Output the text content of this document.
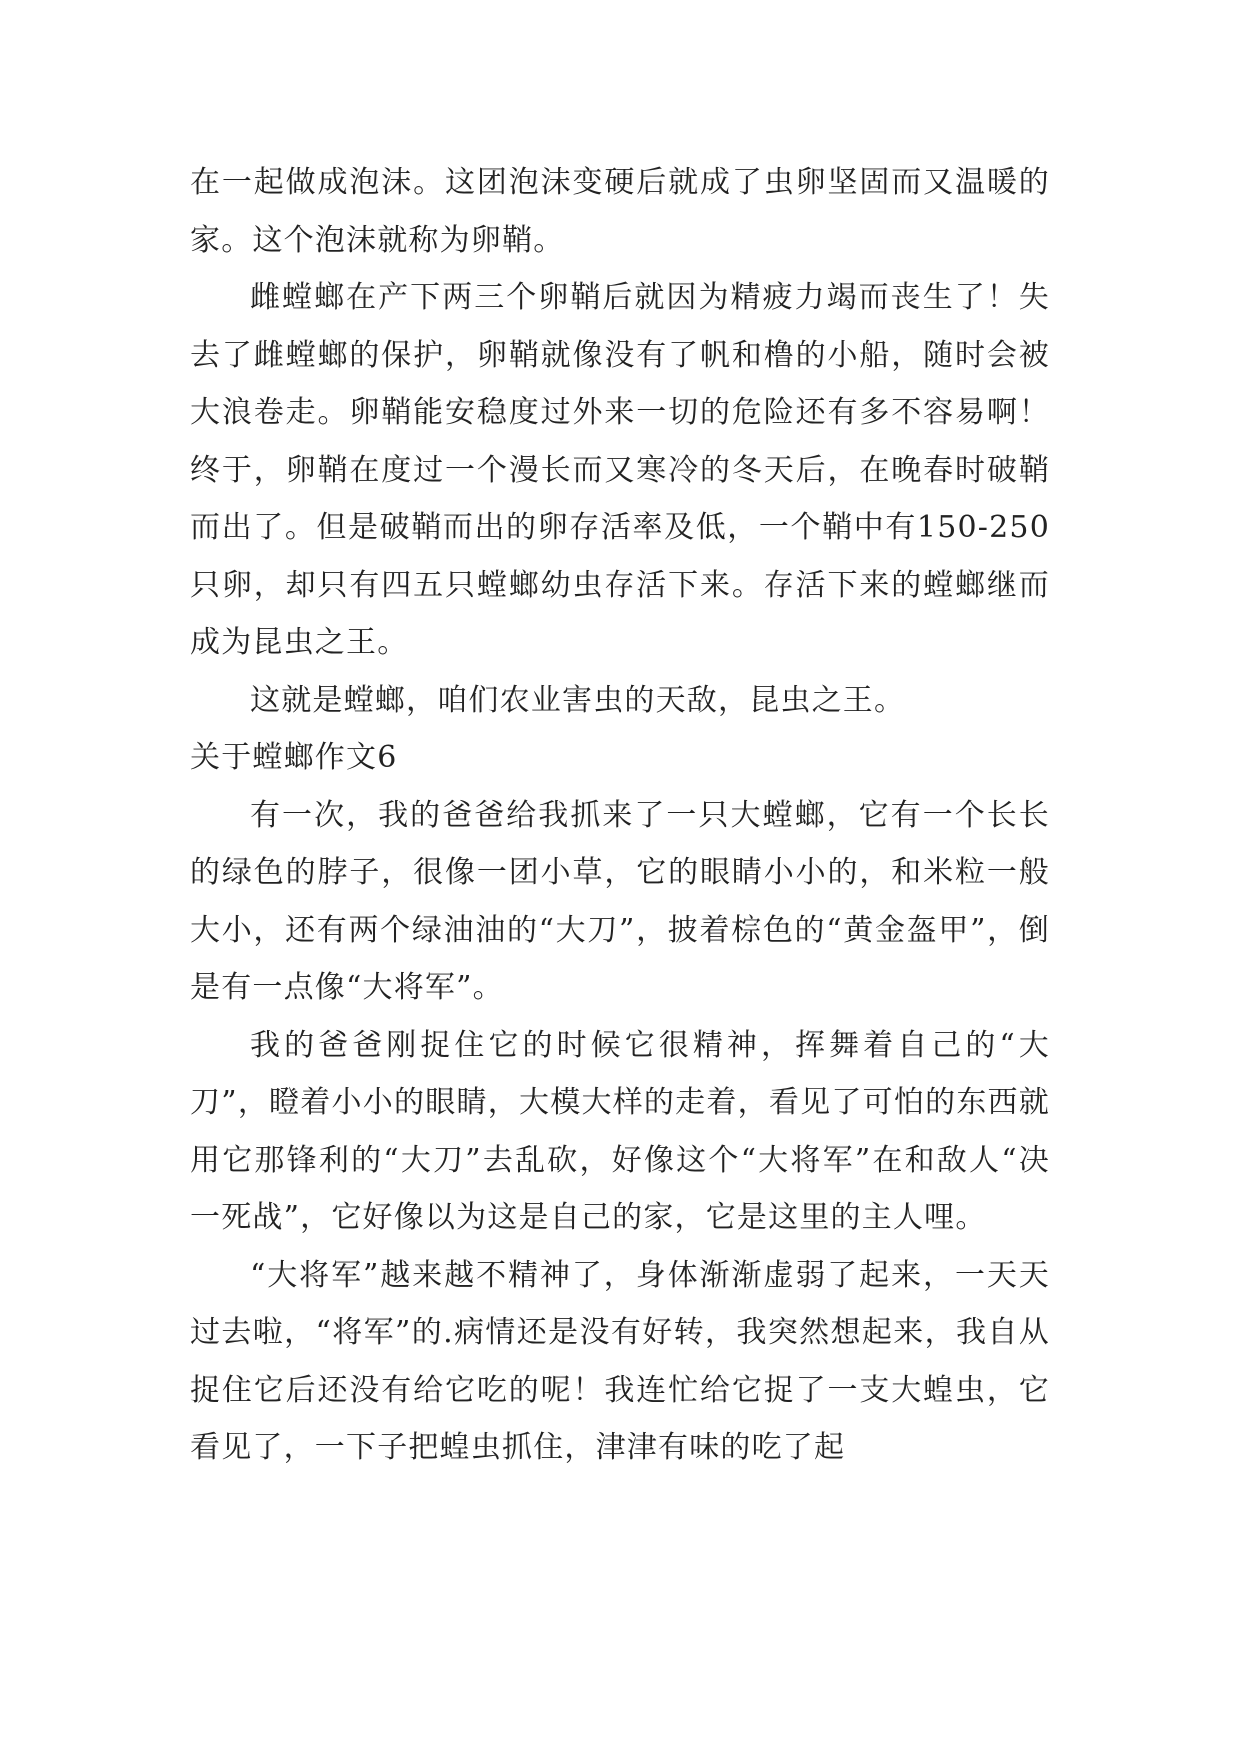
在一起做成泡沫。这团泡沫变硬后就成了虫卵坚固而又温暖的家。这个泡沫就称为卵鞘。

雌螳螂在产下两三个卵鞘后就因为精疲力竭而丧生了！失去了雌螳螂的保护，卵鞘就像没有了帆和橹的小船，随时会被大浪卷走。卵鞘能安稳度过外来一切的危险还有多不容易啊！终于，卵鞘在度过一个漫长而又寒冷的冬天后，在晚春时破鞘而出了。但是破鞘而出的卵存活率及低，一个鞘中有150-250只卵，却只有四五只螳螂幼虫存活下来。存活下来的螳螂继而成为昆虫之王。

这就是螳螂，咱们农业害虫的天敌，昆虫之王。

关于螳螂作文6

有一次，我的爸爸给我抓来了一只大螳螂，它有一个长长的绿色的脖子，很像一团小草，它的眼睛小小的，和米粒一般大小，还有两个绿油油的“大刀”，披着棕色的“黄金盔甲”，倒是有一点像“大将军”。

我的爸爸刚捉住它的时候它很精神，挥舞着自己的“大刀”，瞪着小小的眼睛，大模大样的走着，看见了可怕的东西就用它那锋利的“大刀”去乱砍，好像这个“大将军”在和敌人“决一死战”，它好像以为这是自己的家，它是这里的主人哩。

“大将军”越来越不精神了，身体渐渐虚弱了起来，一天天过去啦，“将军”的.病情还是没有好转，我突然想起来，我自从捉住它后还没有给它吃的呢！我连忙给它捉了一支大蝗虫，它看见了，一下子把蝗虫抓住，津津有味的吃了起
